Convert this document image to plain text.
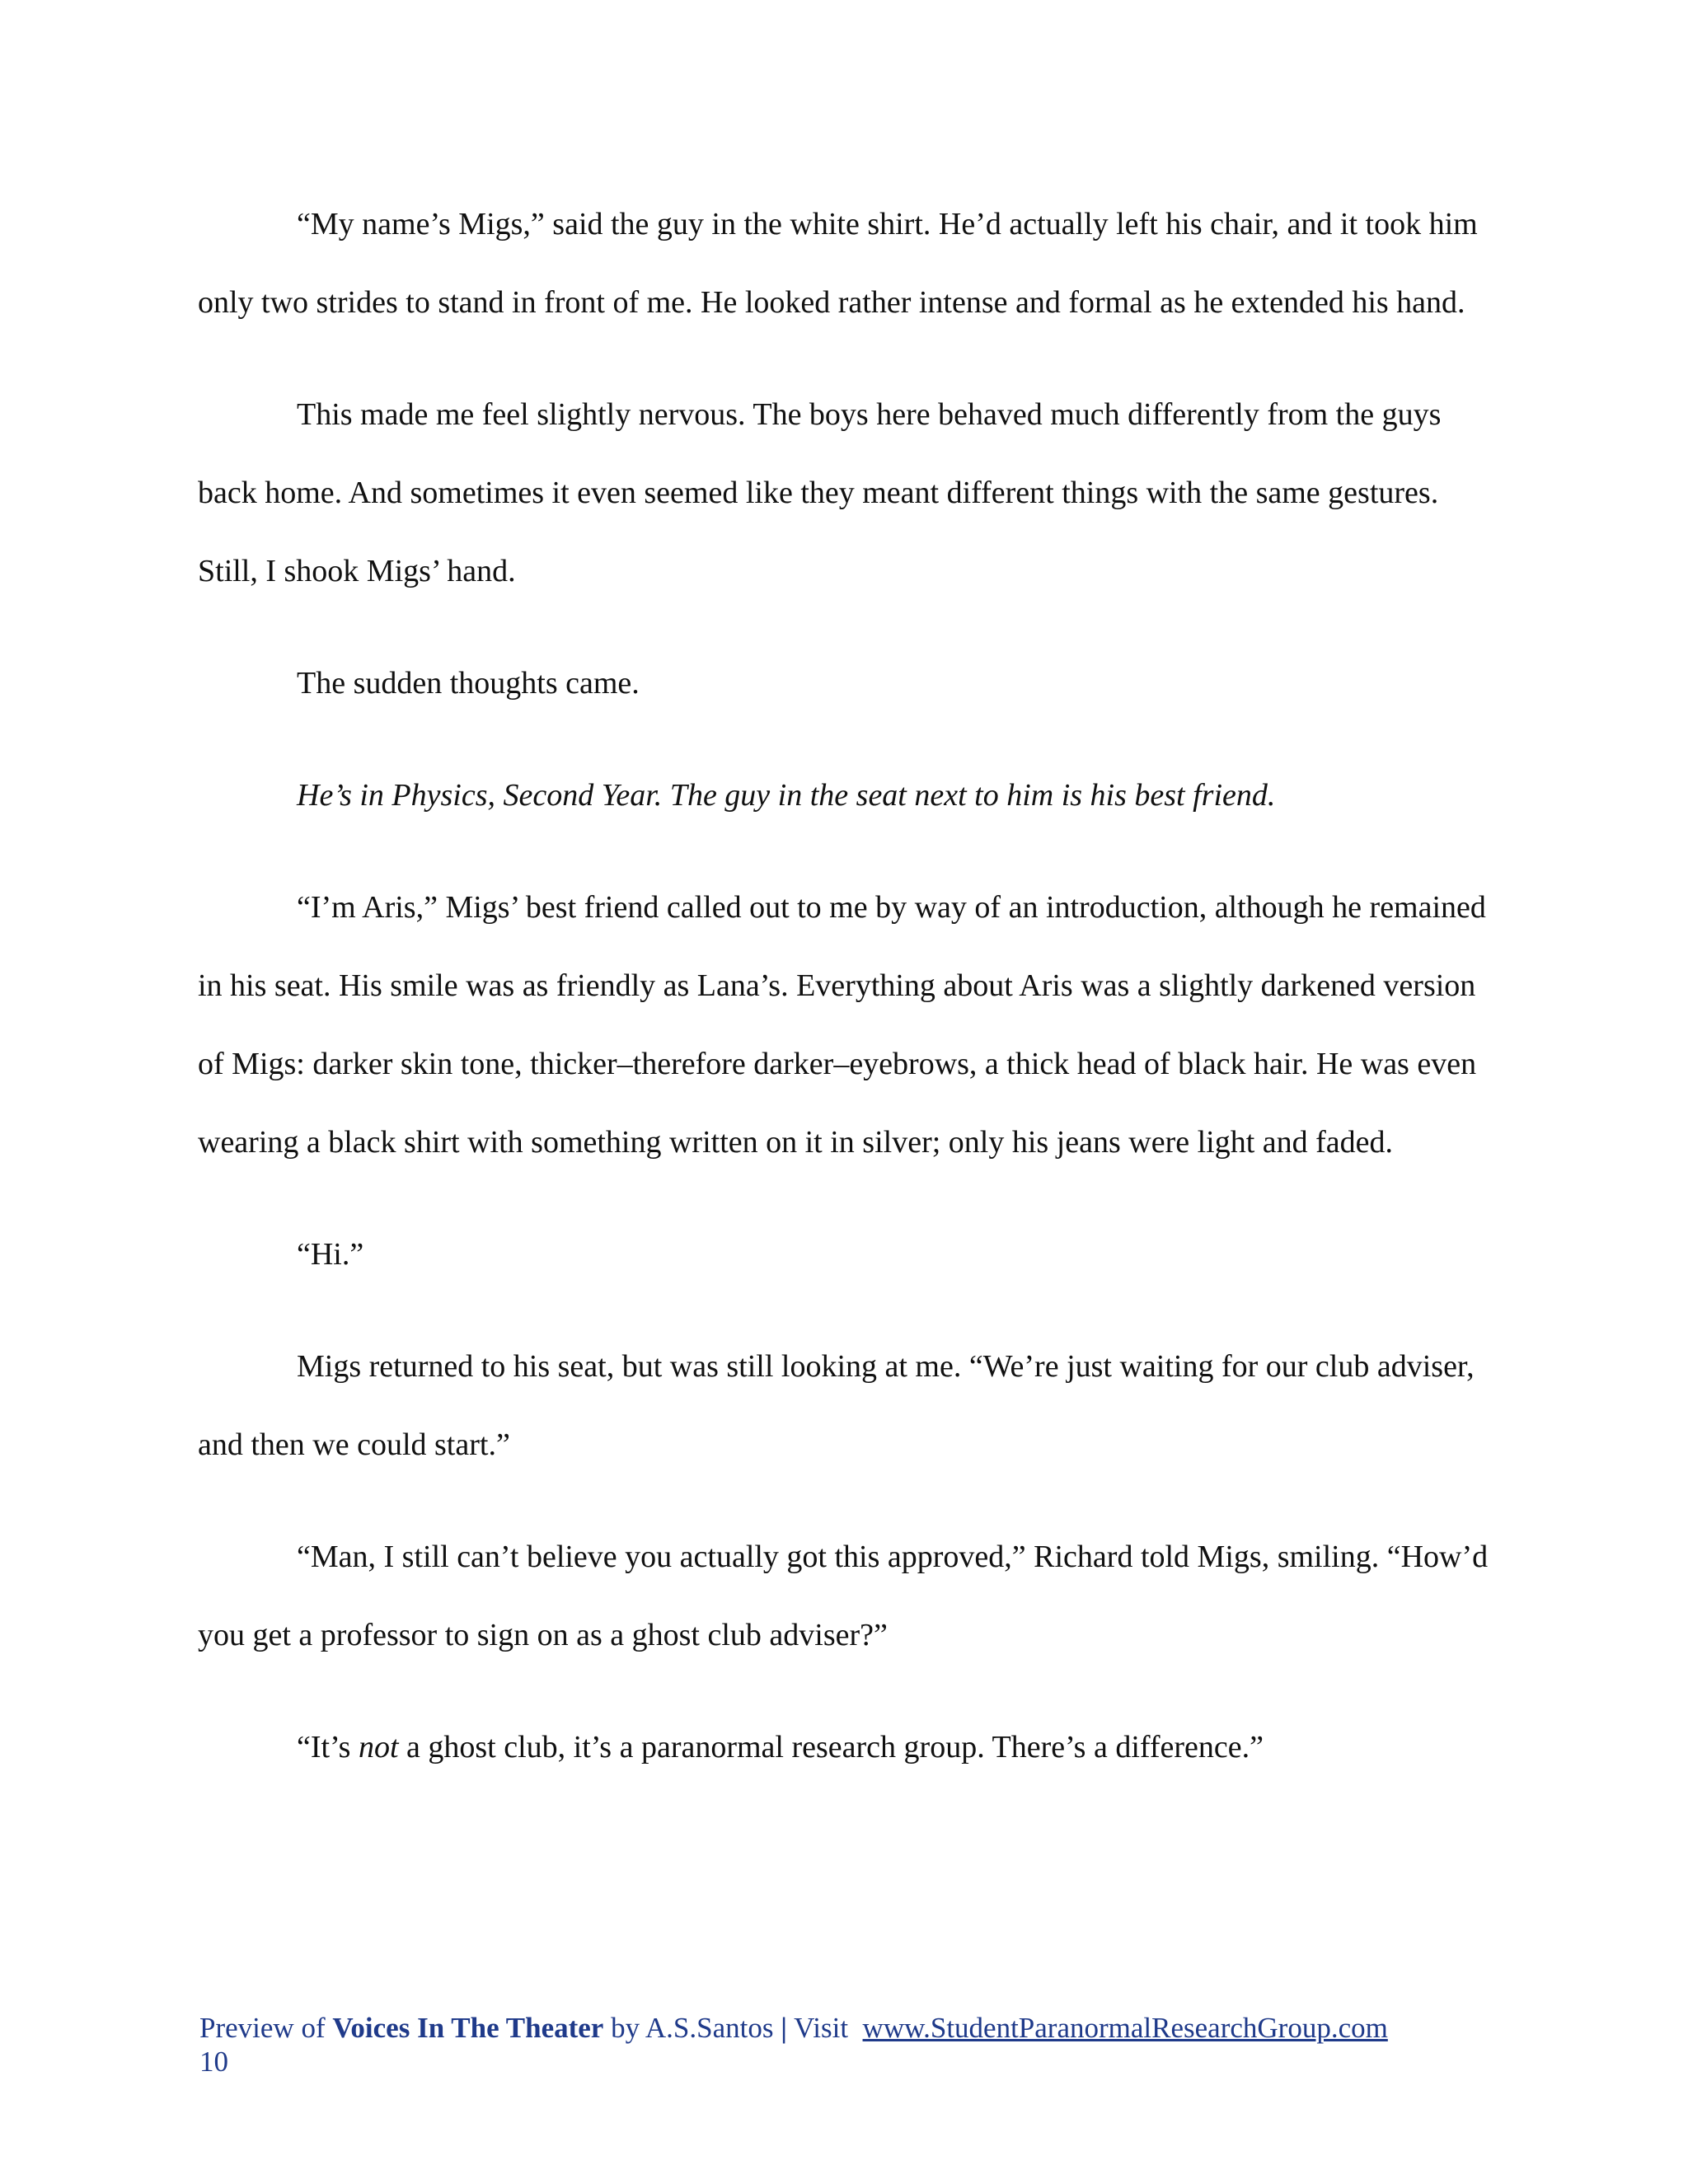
“My name’s Migs,” said the guy in the white shirt. He’d actually left his chair, and it took him only two strides to stand in front of me. He looked rather intense and formal as he extended his hand.

This made me feel slightly nervous. The boys here behaved much differently from the guys back home. And sometimes it even seemed like they meant different things with the same gestures. Still, I shook Migs’ hand.

The sudden thoughts came.

He’s in Physics, Second Year. The guy in the seat next to him is his best friend.

“I’m Aris,” Migs’ best friend called out to me by way of an introduction, although he remained in his seat. His smile was as friendly as Lana’s. Everything about Aris was a slightly darkened version of Migs: darker skin tone, thicker–therefore darker–eyebrows, a thick head of black hair. He was even wearing a black shirt with something written on it in silver; only his jeans were light and faded.

“Hi.”

Migs returned to his seat, but was still looking at me. “We’re just waiting for our club adviser, and then we could start.”

“Man, I still can’t believe you actually got this approved,” Richard told Migs, smiling. “How’d you get a professor to sign on as a ghost club adviser?”

“It’s not a ghost club, it’s a paranormal research group. There’s a difference.”

Preview of Voices In The Theater by A.S.Santos | Visit www.StudentParanormalResearchGroup.com
10
